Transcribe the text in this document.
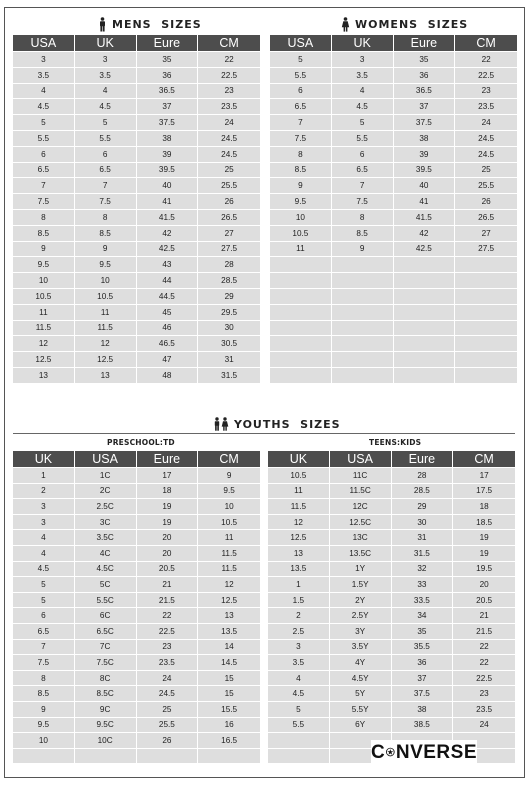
MENS  SIZES	WOMENS  SIZES
USA	UK	Eure	CM
3	3	35	22
3.5	3.5	36	22.5
4	4	36.5	23
4.5	4.5	37	23.5
5	5	37.5	24
5.5	5.5	38	24.5
6	6	39	24.5
6.5	6.5	39.5	25
7	7	40	25.5
7.5	7.5	41	26
8	8	41.5	26.5
8.5	8.5	42	27
9	9	42.5	27.5
9.5	9.5	43	28
10	10	44	28.5
10.5	10.5	44.5	29
11	11	45	29.5
11.5	11.5	46	30
12	12	46.5	30.5
12.5	12.5	47	31
13	13	48	31.5
USA	UK	Eure	CM
5	3	35	22
5.5	3.5	36	22.5
6	4	36.5	23
6.5	4.5	37	23.5
7	5	37.5	24
7.5	5.5	38	24.5
8	6	39	24.5
8.5	6.5	39.5	25
9	7	40	25.5
9.5	7.5	41	26
10	8	41.5	26.5
10.5	8.5	42	27
11	9	42.5	27.5

YOUTHS  SIZES
PRESCHOOL:TD	TEENS:KIDS
UK	USA	Eure	CM
1	1C	17	9
2	2C	18	9.5
3	2.5C	19	10
3	3C	19	10.5
4	3.5C	20	11
4	4C	20	11.5
4.5	4.5C	20.5	11.5
5	5C	21	12
5	5.5C	21.5	12.5
6	6C	22	13
6.5	6.5C	22.5	13.5
7	7C	23	14
7.5	7.5C	23.5	14.5
8	8C	24	15
8.5	8.5C	24.5	15
9	9C	25	15.5
9.5	9.5C	25.5	16
10	10C	26	16.5

UK	USA	Eure	CM
10.5	11C	28	17
11	11.5C	28.5	17.5
11.5	12C	29	18
12	12.5C	30	18.5
12.5	13C	31	19
13	13.5C	31.5	19
13.5	1Y	32	19.5
1	1.5Y	33	20
1.5	2Y	33.5	20.5
2	2.5Y	34	21
2.5	3Y	35	21.5
3	3.5Y	35.5	22
3.5	4Y	36	22
4	4.5Y	37	22.5
4.5	5Y	37.5	23
5	5.5Y	38	23.5
5.5	6Y	38.5	24

C NVERSE
